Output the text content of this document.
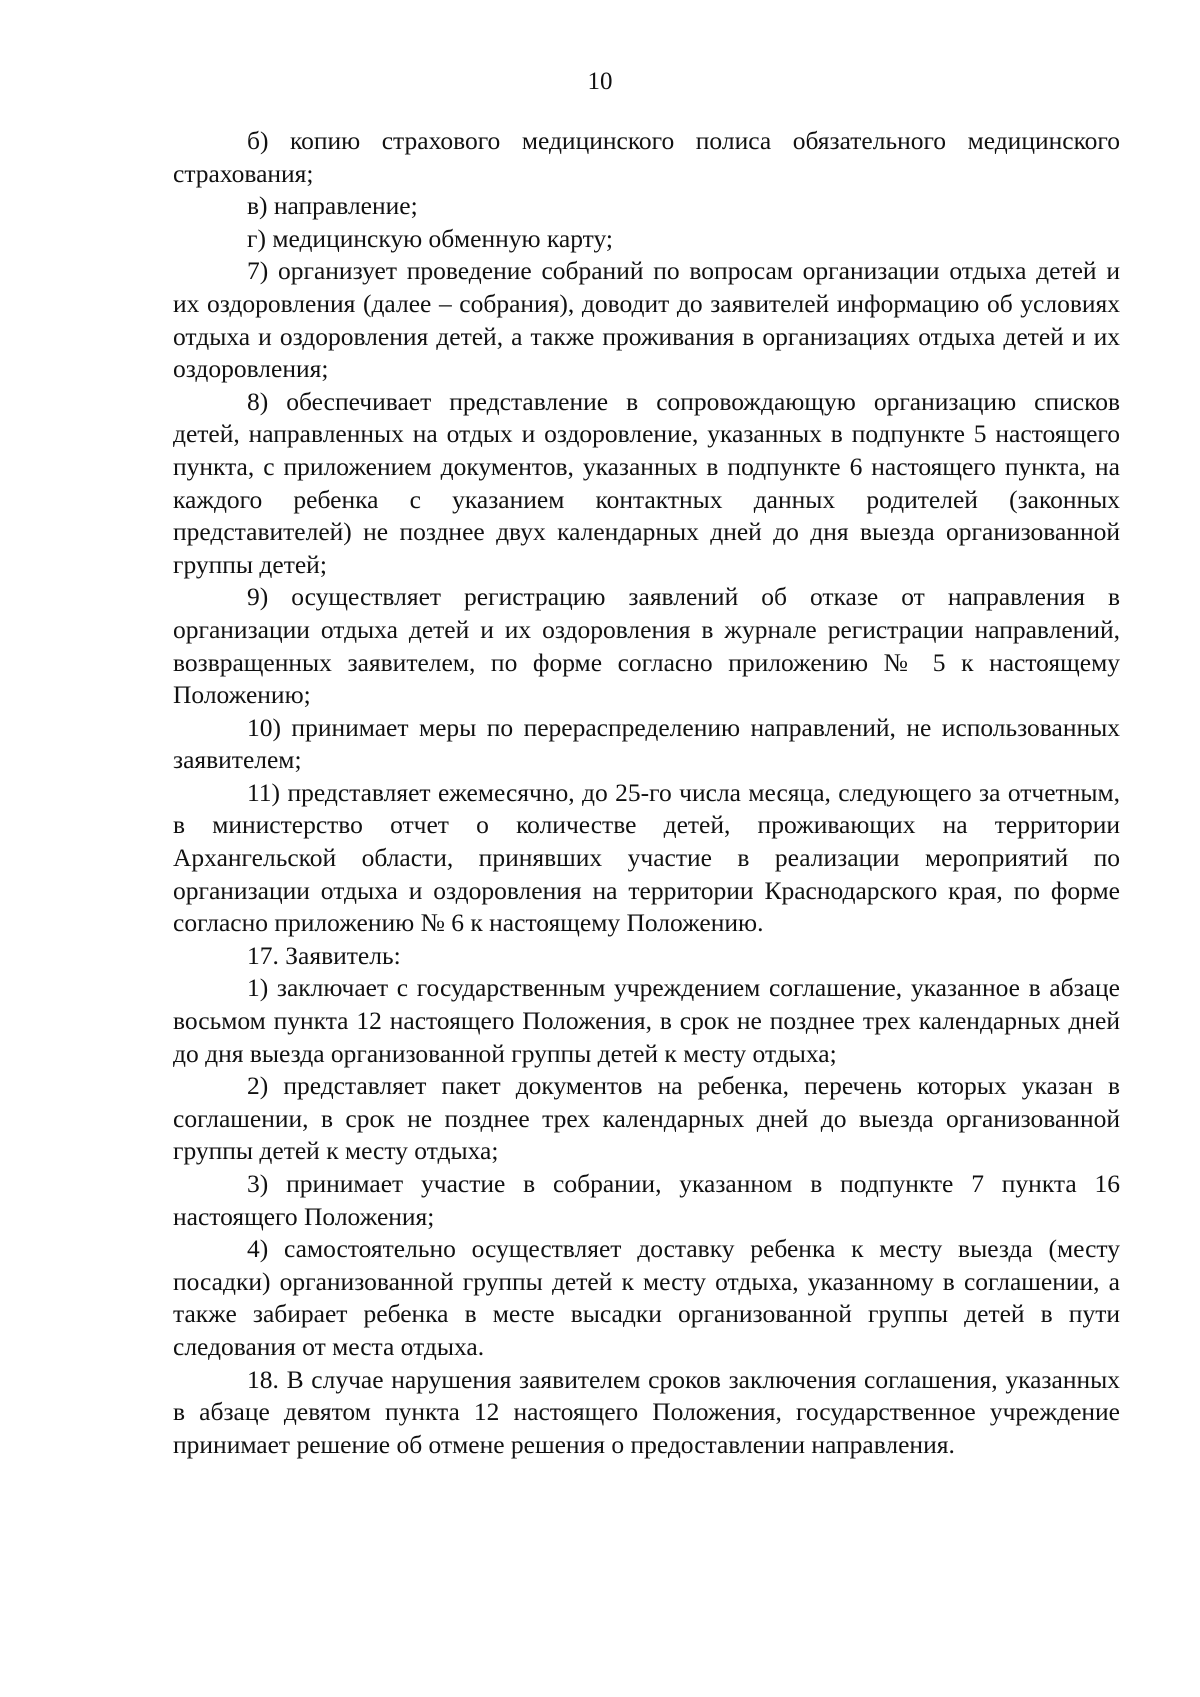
10

б) копию страхового медицинского полиса обязательного медицинского страхования;

в) направление;

г) медицинскую обменную карту;

7) организует проведение собраний по вопросам организации отдыха детей и их оздоровления (далее – собрания), доводит до заявителей информацию об условиях отдыха и оздоровления детей, а также проживания в организациях отдыха детей и их оздоровления;

8) обеспечивает представление в сопровождающую организацию списков детей, направленных на отдых и оздоровление, указанных в подпункте 5 настоящего пункта, с приложением документов, указанных в подпункте 6 настоящего пункта, на каждого ребенка с указанием контактных данных родителей (законных представителей) не позднее двух календарных дней до дня выезда организованной группы детей;

9) осуществляет регистрацию заявлений об отказе от направления в организации отдыха детей и их оздоровления в журнале регистрации направлений, возвращенных заявителем, по форме согласно приложению № 5 к настоящему Положению;

10) принимает меры по перераспределению направлений, не использованных заявителем;

11) представляет ежемесячно, до 25-го числа месяца, следующего за отчетным, в министерство отчет о количестве детей, проживающих на территории Архангельской области, принявших участие в реализации мероприятий по организации отдыха и оздоровления на территории Краснодарского края, по форме согласно приложению № 6 к настоящему Положению.

17. Заявитель:

1) заключает с государственным учреждением соглашение, указанное в абзаце восьмом пункта 12 настоящего Положения, в срок не позднее трех календарных дней до дня выезда организованной группы детей к месту отдыха;

2) представляет пакет документов на ребенка, перечень которых указан в соглашении, в срок не позднее трех календарных дней до выезда организованной группы детей к месту отдыха;

3) принимает участие в собрании, указанном в подпункте 7 пункта 16 настоящего Положения;

4) самостоятельно осуществляет доставку ребенка к месту выезда (месту посадки) организованной группы детей к месту отдыха, указанному в соглашении, а также забирает ребенка в месте высадки организованной группы детей в пути следования от места отдыха.

18. В случае нарушения заявителем сроков заключения соглашения, указанных в абзаце девятом пункта 12 настоящего Положения, государственное учреждение принимает решение об отмене решения о предоставлении направления.
